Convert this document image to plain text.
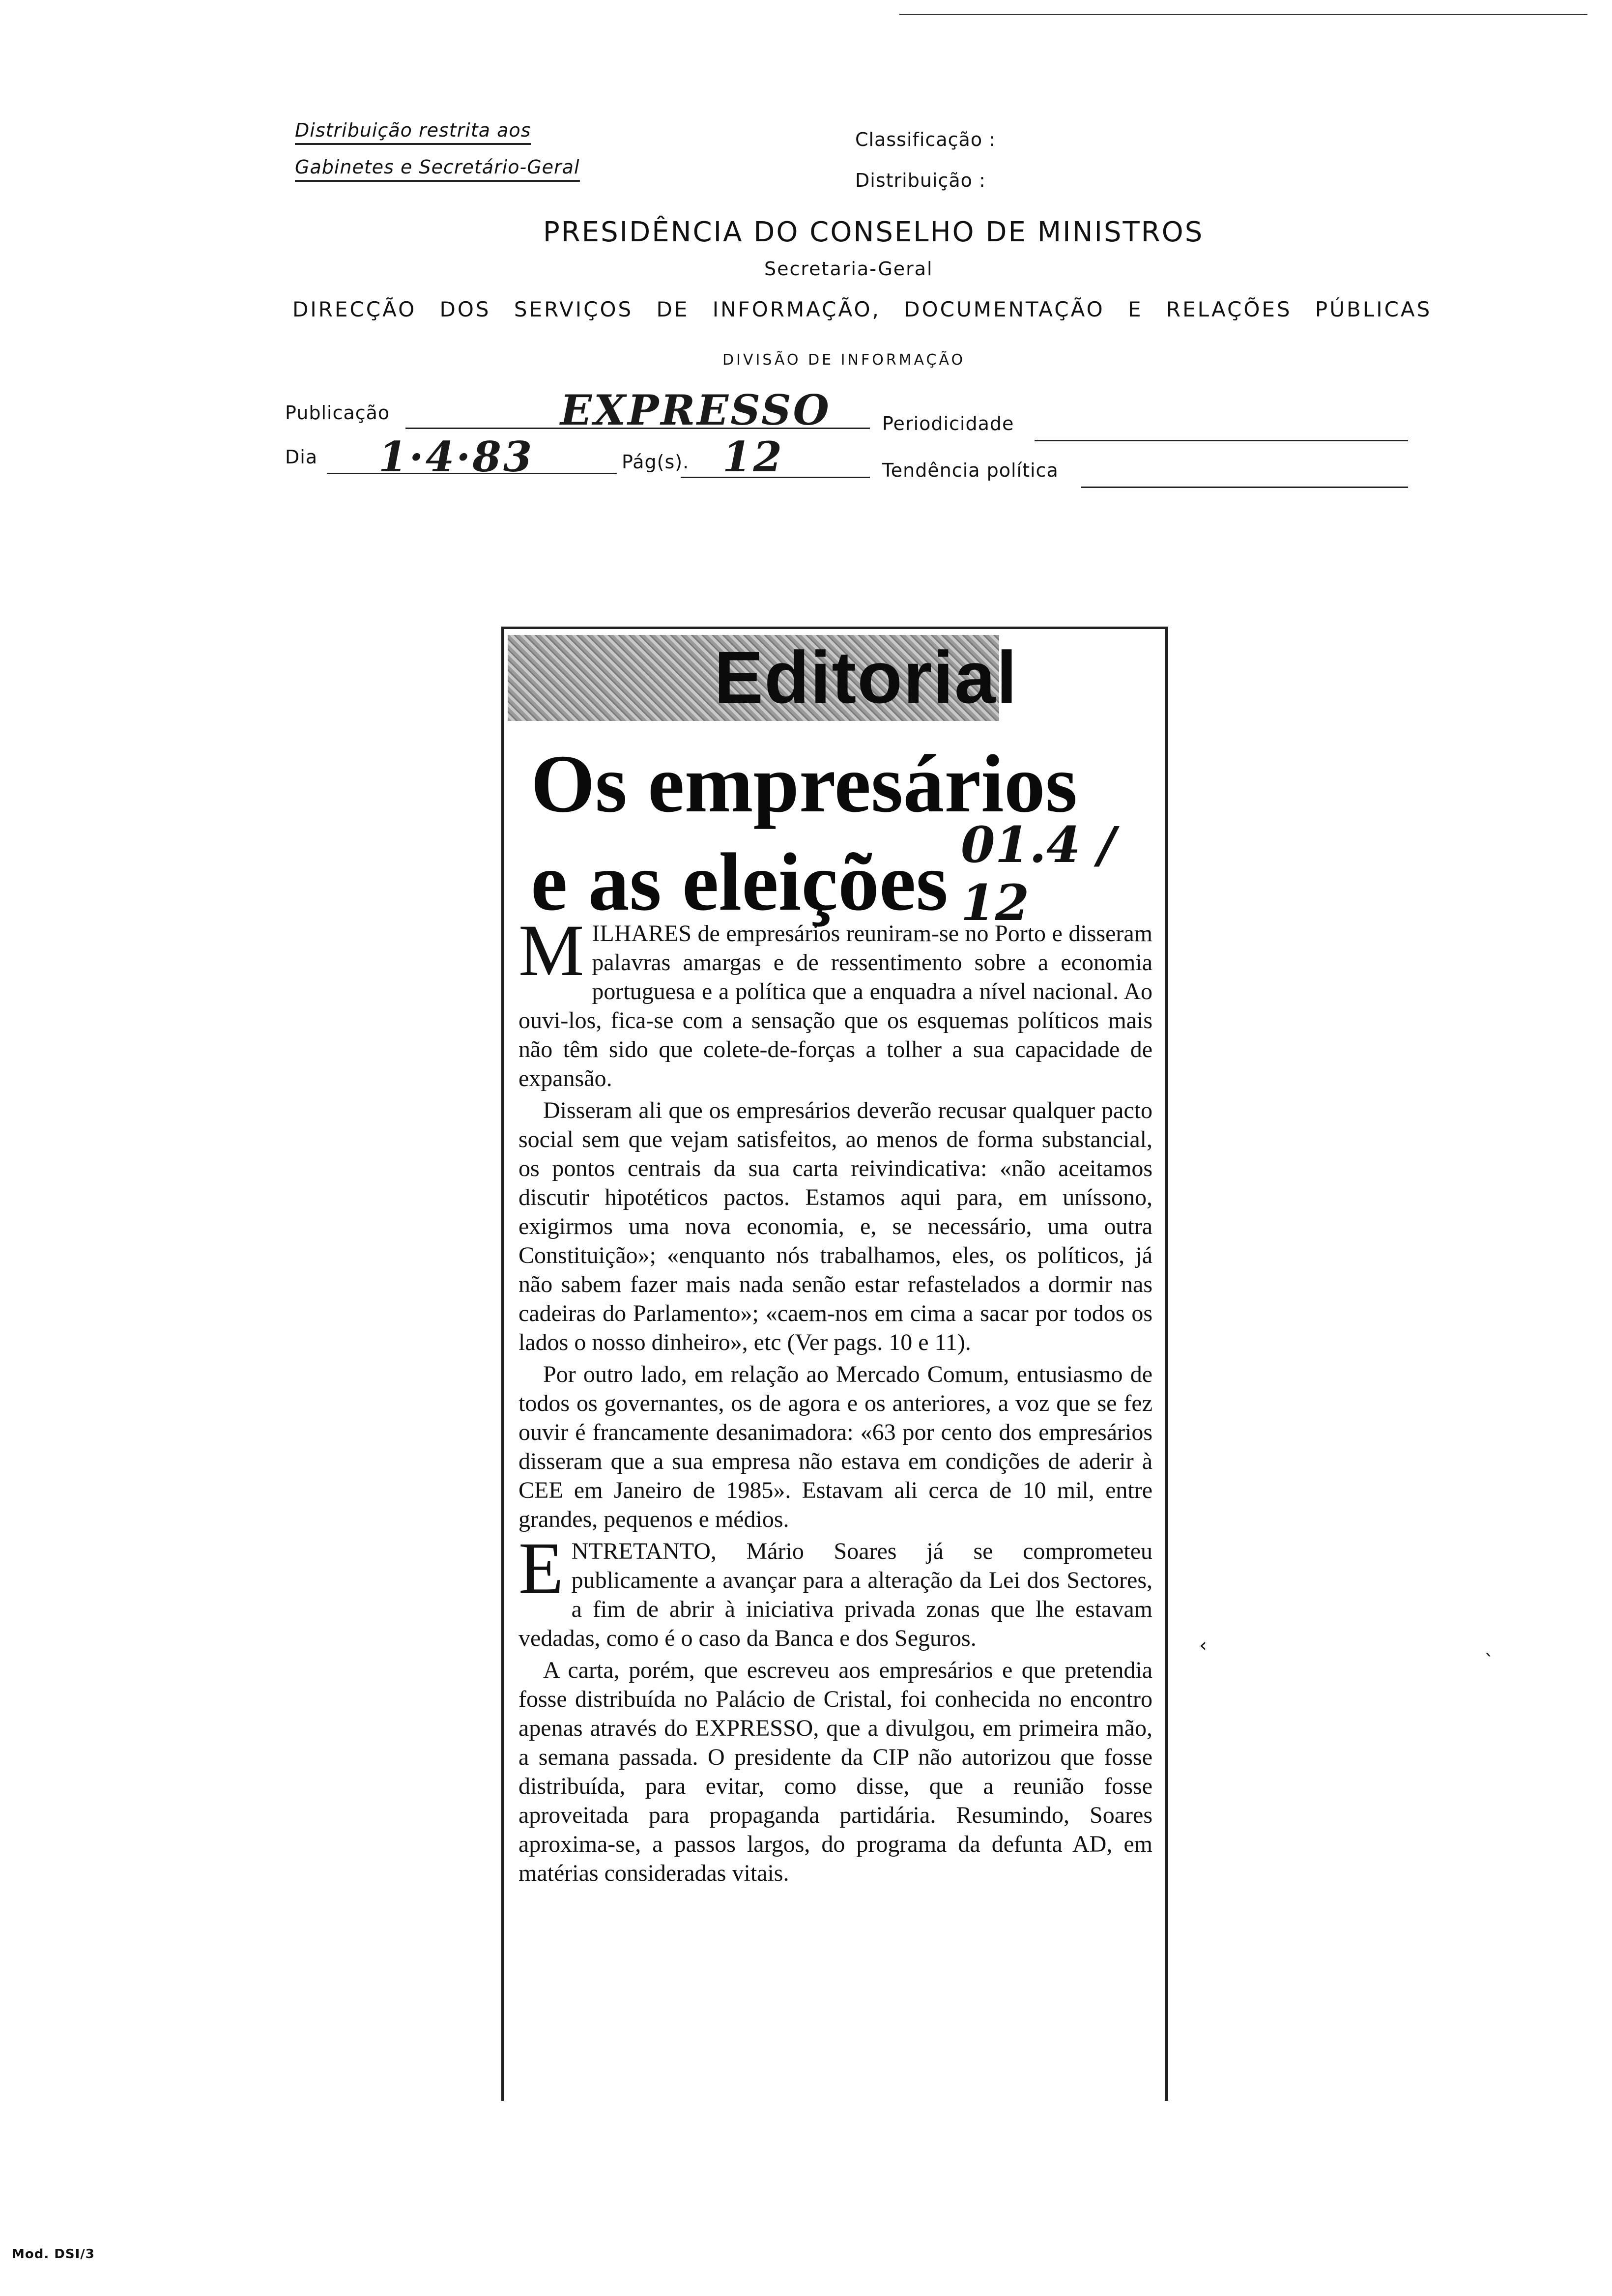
Distribuição restrita aos
Gabinetes e Secretário-Geral
Classificação :
Distribuição :
PRESIDÊNCIA DO CONSELHO DE MINISTROS
Secretaria-Geral
DIRECÇÃO DOS SERVIÇOS DE INFORMAÇÃO, DOCUMENTAÇÃO E RELAÇÕES PÚBLICAS
DIVISÃO DE INFORMAÇÃO
Publicação	EXPRESSO	Periodicidade
Dia 1·4·83	Pág(s). 12	Tendência política
Editorial
Os empresários
e as eleições 01.4 / 12

MILHARES de empresários reuniram-se no Porto e disseram palavras amargas e de ressentimento sobre a economia portuguesa e a política que a enquadra a nível nacional. Ao ouvi-los, fica-se com a sensação que os esquemas políticos mais não têm sido que colete-de-forças a tolher a sua capacidade de expansão.

Disseram ali que os empresários deverão recusar qualquer pacto social sem que vejam satisfeitos, ao menos de forma substancial, os pontos centrais da sua carta reivindicativa: «não aceitamos discutir hipotéticos pactos. Estamos aqui para, em uníssono, exigirmos uma nova economia, e, se necessário, uma outra Constituição»; «enquanto nós trabalhamos, eles, os políticos, já não sabem fazer mais nada senão estar refastelados a dormir nas cadeiras do Parlamento»; «caem-nos em cima a sacar por todos os lados o nosso dinheiro», etc (Ver pags. 10 e 11).

Por outro lado, em relação ao Mercado Comum, entusiasmo de todos os governantes, os de agora e os anteriores, a voz que se fez ouvir é francamente desanimadora: «63 por cento dos empresários disseram que a sua empresa não estava em condições de aderir à CEE em Janeiro de 1985». Estavam ali cerca de 10 mil, entre grandes, pequenos e médios.

ENTRETANTO, Mário Soares já se comprometeu publicamente a avançar para a alteração da Lei dos Sectores, a fim de abrir à iniciativa privada zonas que lhe estavam vedadas, como é o caso da Banca e dos Seguros.

A carta, porém, que escreveu aos empresários e que pretendia fosse distribuída no Palácio de Cristal, foi conhecida no encontro apenas através do EXPRESSO, que a divulgou, em primeira mão, a semana passada. O presidente da CIP não autorizou que fosse distribuída, para evitar, como disse, que a reunião fosse aproveitada para propaganda partidária. Resumindo, Soares aproxima-se, a passos largos, do programa da defunta AD, em matérias consideradas vitais.

‹	ˎ
Mod. DSI/3
